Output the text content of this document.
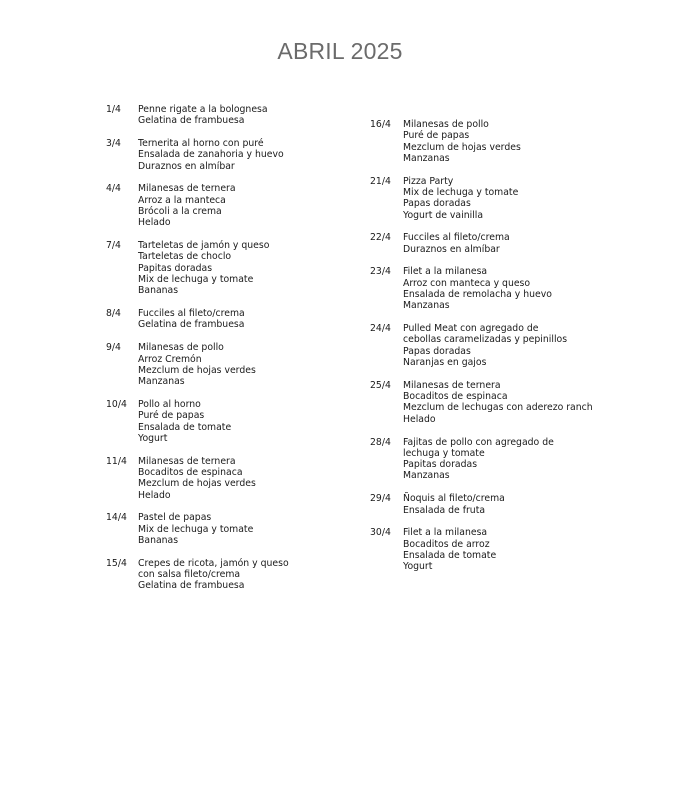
ABRIL 2025
1/4	Penne rigate a la bolognesa
Gelatina de frambuesa
3/4	Ternerita al horno con puré
Ensalada de zanahoria y huevo
Duraznos en almíbar
4/4	Milanesas de ternera
Arroz a la manteca
Brócoli a la crema
Helado
7/4	Tarteletas de jamón y queso
Tarteletas de choclo
Papitas doradas
Mix de lechuga y tomate
Bananas
8/4	Fucciles al fileto/crema
Gelatina de frambuesa
9/4	Milanesas de pollo
Arroz Cremón
Mezclum de hojas verdes
Manzanas
10/4	Pollo al horno
Puré de papas
Ensalada de tomate
Yogurt
11/4	Milanesas de ternera
Bocaditos de espinaca
Mezclum de hojas verdes
Helado
14/4	Pastel de papas
Mix de lechuga y tomate
Bananas
15/4	Crepes de ricota, jamón y queso
con salsa fileto/crema
Gelatina de frambuesa
16/4	Milanesas de pollo
Puré de papas
Mezclum de hojas verdes
Manzanas
21/4	Pizza Party
Mix de lechuga y tomate
Papas doradas
Yogurt de vainilla
22/4	Fucciles al fileto/crema
Duraznos en almíbar
23/4	Filet a la milanesa
Arroz con manteca y queso
Ensalada de remolacha y huevo
Manzanas
24/4	Pulled Meat con agregado de
cebollas caramelizadas y pepinillos
Papas doradas
Naranjas en gajos
25/4	Milanesas de ternera
Bocaditos de espinaca
Mezclum de lechugas con aderezo ranch
Helado
28/4	Fajitas de pollo con agregado de
lechuga y tomate
Papitas doradas
Manzanas
29/4	Ñoquis al fileto/crema
Ensalada de fruta
30/4	Filet a la milanesa
Bocaditos de arroz
Ensalada de tomate
Yogurt
